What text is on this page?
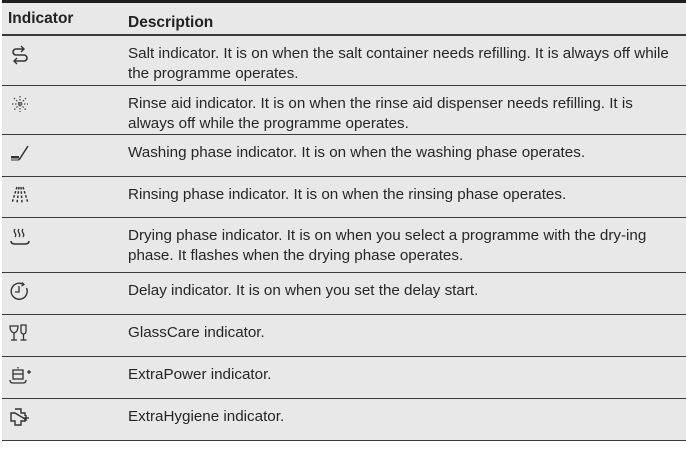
Indicator	Description
Salt indicator. It is on when the salt container needs refilling. It is always off while the programme operates.
Rinse aid indicator. It is on when the rinse aid dispenser needs refilling. It is always off while the programme operates.
Washing phase indicator. It is on when the washing phase operates.
Rinsing phase indicator. It is on when the rinsing phase operates.
Drying phase indicator. It is on when you select a programme with the dry-ing phase. It flashes when the drying phase operates.
Delay indicator. It is on when you set the delay start.
GlassCare indicator.
ExtraPower indicator.
ExtraHygiene indicator.
